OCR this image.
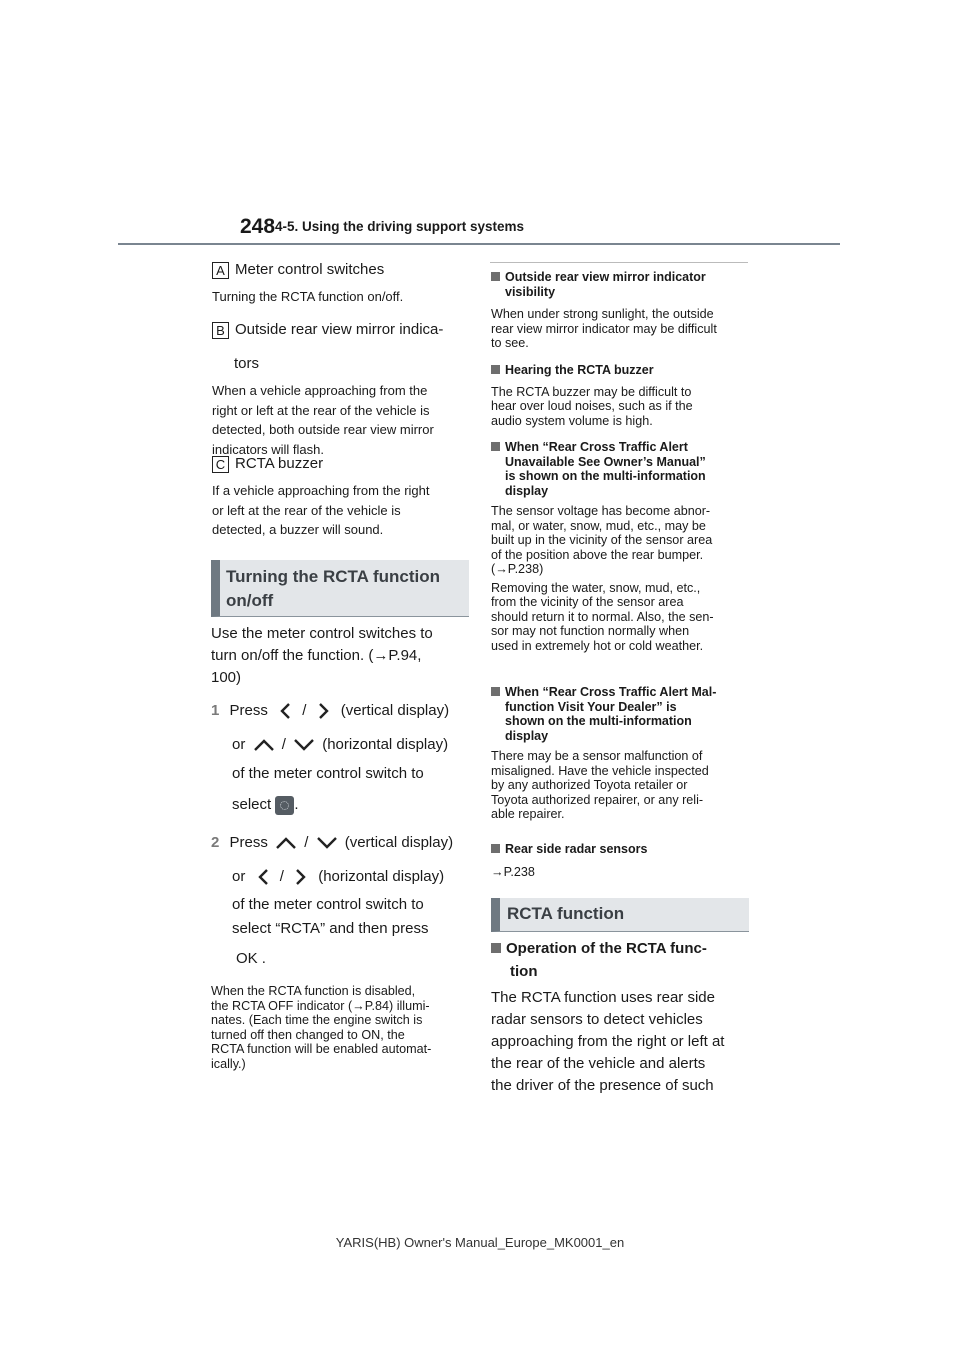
248 4-5. Using the driving support systems
A Meter control switches
Turning the RCTA function on/off.
B Outside rear view mirror indica-
tors
When a vehicle approaching from the
right or left at the rear of the vehicle is
detected, both outside rear view mirror
indicators will flash.
C RCTA buzzer
If a vehicle approaching from the right
or left at the rear of the vehicle is
detected, a buzzer will sound.
Turning the RCTA function
on/off
Use the meter control switches to
turn on/off the function. (→P.94,
100)
1 Press / (vertical display)
or / (horizontal display)
of the meter control switch to
select .
2 Press / (vertical display)
or / (horizontal display)
of the meter control switch to
select “RCTA” and then press
OK .
When the RCTA function is disabled,
the RCTA OFF indicator (→P.84) illumi-
nates. (Each time the engine switch is
turned off then changed to ON, the
RCTA function will be enabled automat-
ically.)
Outside rear view mirror indicator
visibility
When under strong sunlight, the outside
rear view mirror indicator may be difficult
to see.
Hearing the RCTA buzzer
The RCTA buzzer may be difficult to
hear over loud noises, such as if the
audio system volume is high.
When “Rear Cross Traffic Alert
Unavailable See Owner’s Manual”
is shown on the multi-information
display
The sensor voltage has become abnor-
mal, or water, snow, mud, etc., may be
built up in the vicinity of the sensor area
of the position above the rear bumper.
(→P.238)
Removing the water, snow, mud, etc.,
from the vicinity of the sensor area
should return it to normal. Also, the sen-
sor may not function normally when
used in extremely hot or cold weather.
When “Rear Cross Traffic Alert Mal-
function Visit Your Dealer” is
shown on the multi-information
display
There may be a sensor malfunction of
misaligned. Have the vehicle inspected
by any authorized Toyota retailer or
Toyota authorized repairer, or any reli-
able repairer.
Rear side radar sensors
→P.238
RCTA function
Operation of the RCTA func-
tion
The RCTA function uses rear side
radar sensors to detect vehicles
approaching from the right or left at
the rear of the vehicle and alerts
the driver of the presence of such
YARIS(HB) Owner's Manual_Europe_MK0001_en
